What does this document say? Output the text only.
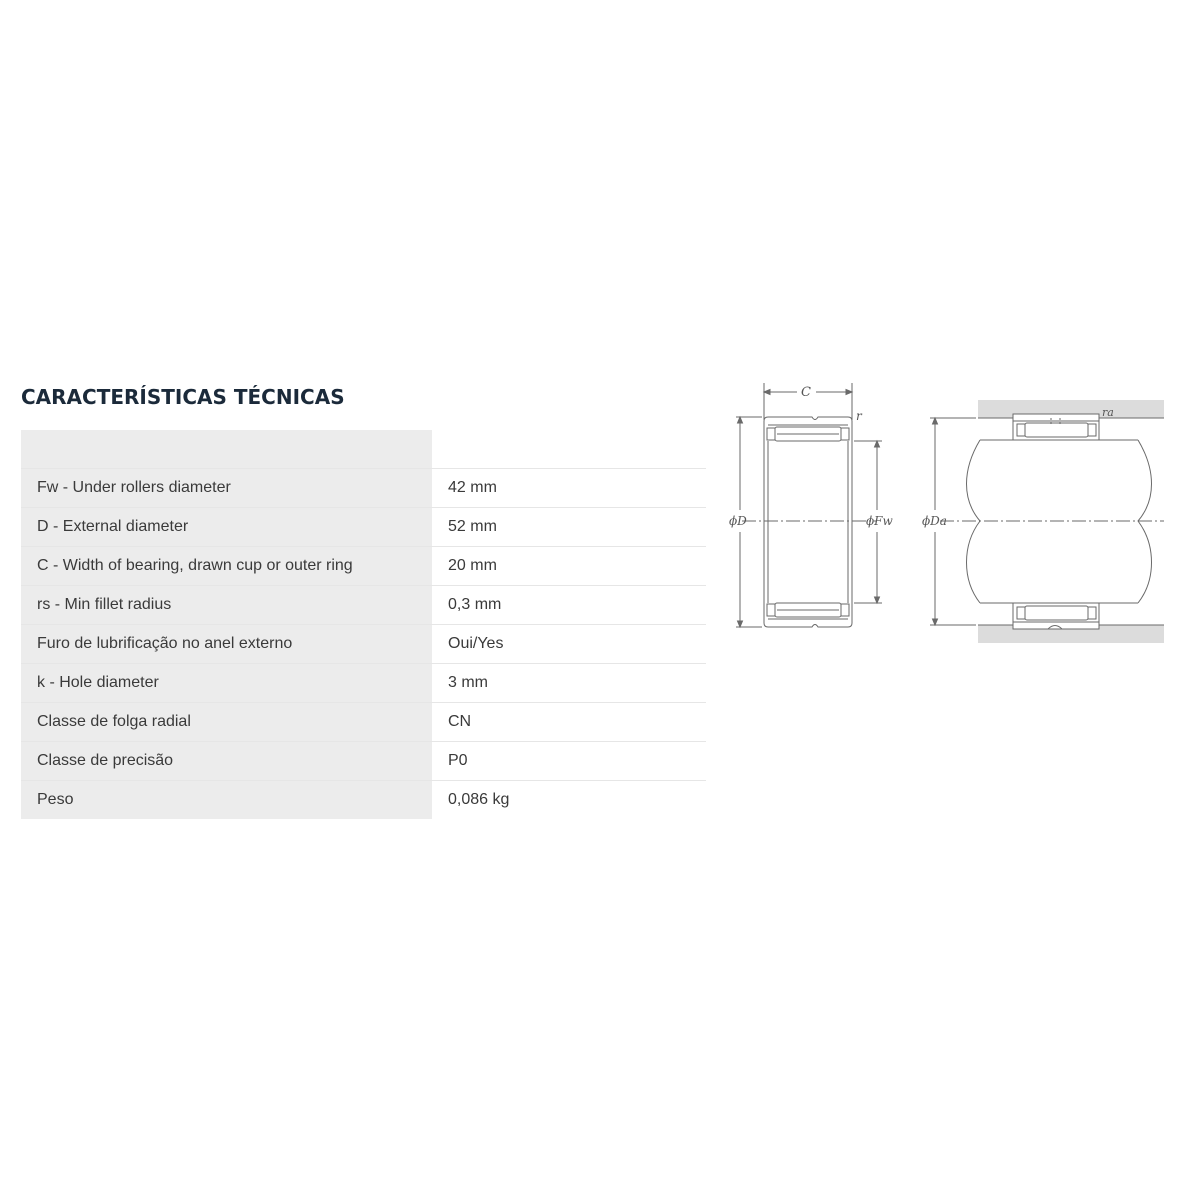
CARACTERÍSTICAS TÉCNICAS

Fw - Under rollers diameter	42 mm
D - External diameter	52 mm
C - Width of bearing, drawn cup or outer ring	20 mm
rs - Min fillet radius	0,3 mm
Furo de lubrificação no anel externo	Oui/Yes
k - Hole diameter	3 mm
Classe de folga radial	CN
Classe de precisão	P0
Peso	0,086 kg
C
r
ϕD	ϕFw ϕDa
ra
